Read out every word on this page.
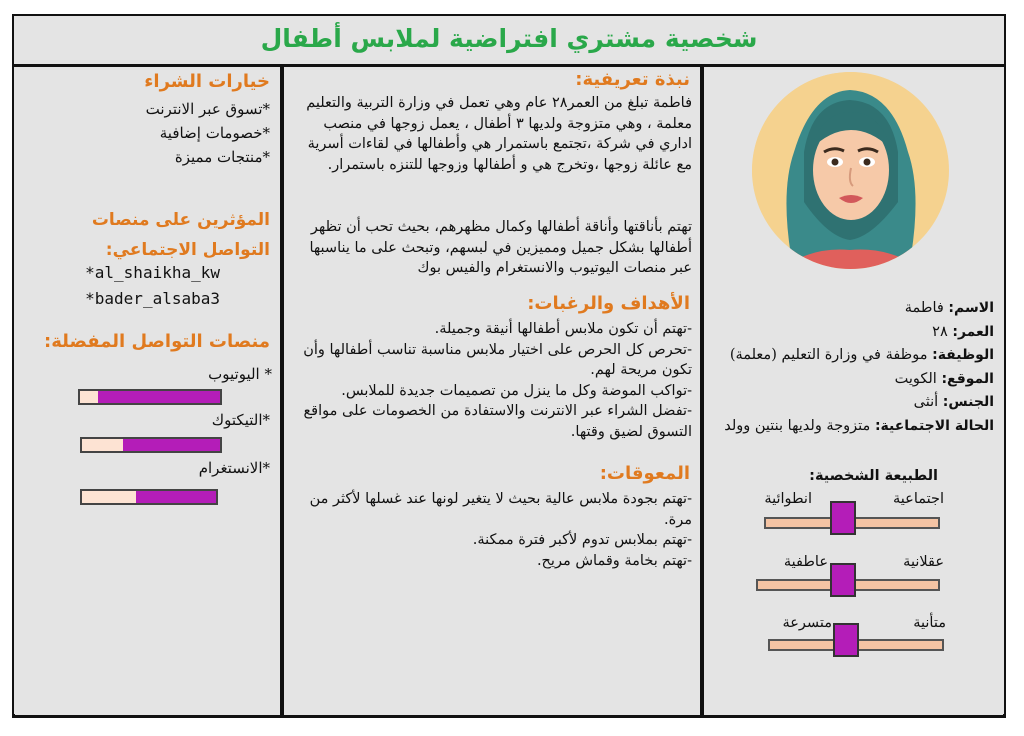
شخصية مشتري افتراضية لملابس أطفال
خيارات الشراء
*تسوق عبر الانترنت
*خصومات إضافية
*منتجات مميزة
المؤثرين على منصات التواصل الاجتماعي:
*al_shaikha_kw
*bader_alsaba3
منصات التواصل المفضلة:
* اليوتيوب
*التيكتوك
*الانستغرام
نبذة تعريفية:
فاطمة تبلغ من العمر٢٨ عام وهي تعمل في وزارة التربية والتعليم معلمة ، وهي متزوجة ولديها ٣ أطفال ، يعمل زوجها في منصب اداري في شركة ،تجتمع باستمرار هي وأطفالها في لقاءات أسرية مع عائلة زوجها ،وتخرج هي و أطفالها وزوجها للتنزه باستمرار.
تهتم بأناقتها وأناقة أطفالها وكمال مظهرهم، بحيث تحب أن تظهر أطفالها بشكل جميل ومميزين في لبسهم، وتبحث على ما يناسبها عبر منصات اليوتيوب والانستغرام والفيس بوك
الأهداف والرغبات:
-تهتم أن تكون ملابس أطفالها أنيقة وجميلة.
-تحرص كل الحرص على اختيار ملابس مناسبة تناسب أطفالها وأن تكون مريحة لهم.
-تواكب الموضة وكل ما ينزل من تصميمات جديدة للملابس.
-تفضل الشراء عبر الانترنت والاستفادة من الخصومات على مواقع التسوق لضيق وقتها.
المعوقات:
-تهتم بجودة ملابس عالية بحيث لا يتغير لونها عند غسلها لأكثر من مرة.
-تهتم بملابس تدوم لأكبر فترة ممكنة.
-تهتم بخامة وقماش مريح.
الاسم: فاطمة
العمر: ٢٨
الوظيفة: موظفة في وزارة التعليم (معلمة)
الموقع: الكويت
الجنس: أنثى
الحالة الاجتماعية: متزوجة ولديها بنتين وولد
الطبيعة الشخصية:
اجتماعية
انطوائية
عقلانية
عاطفية
متأنية
متسرعة
